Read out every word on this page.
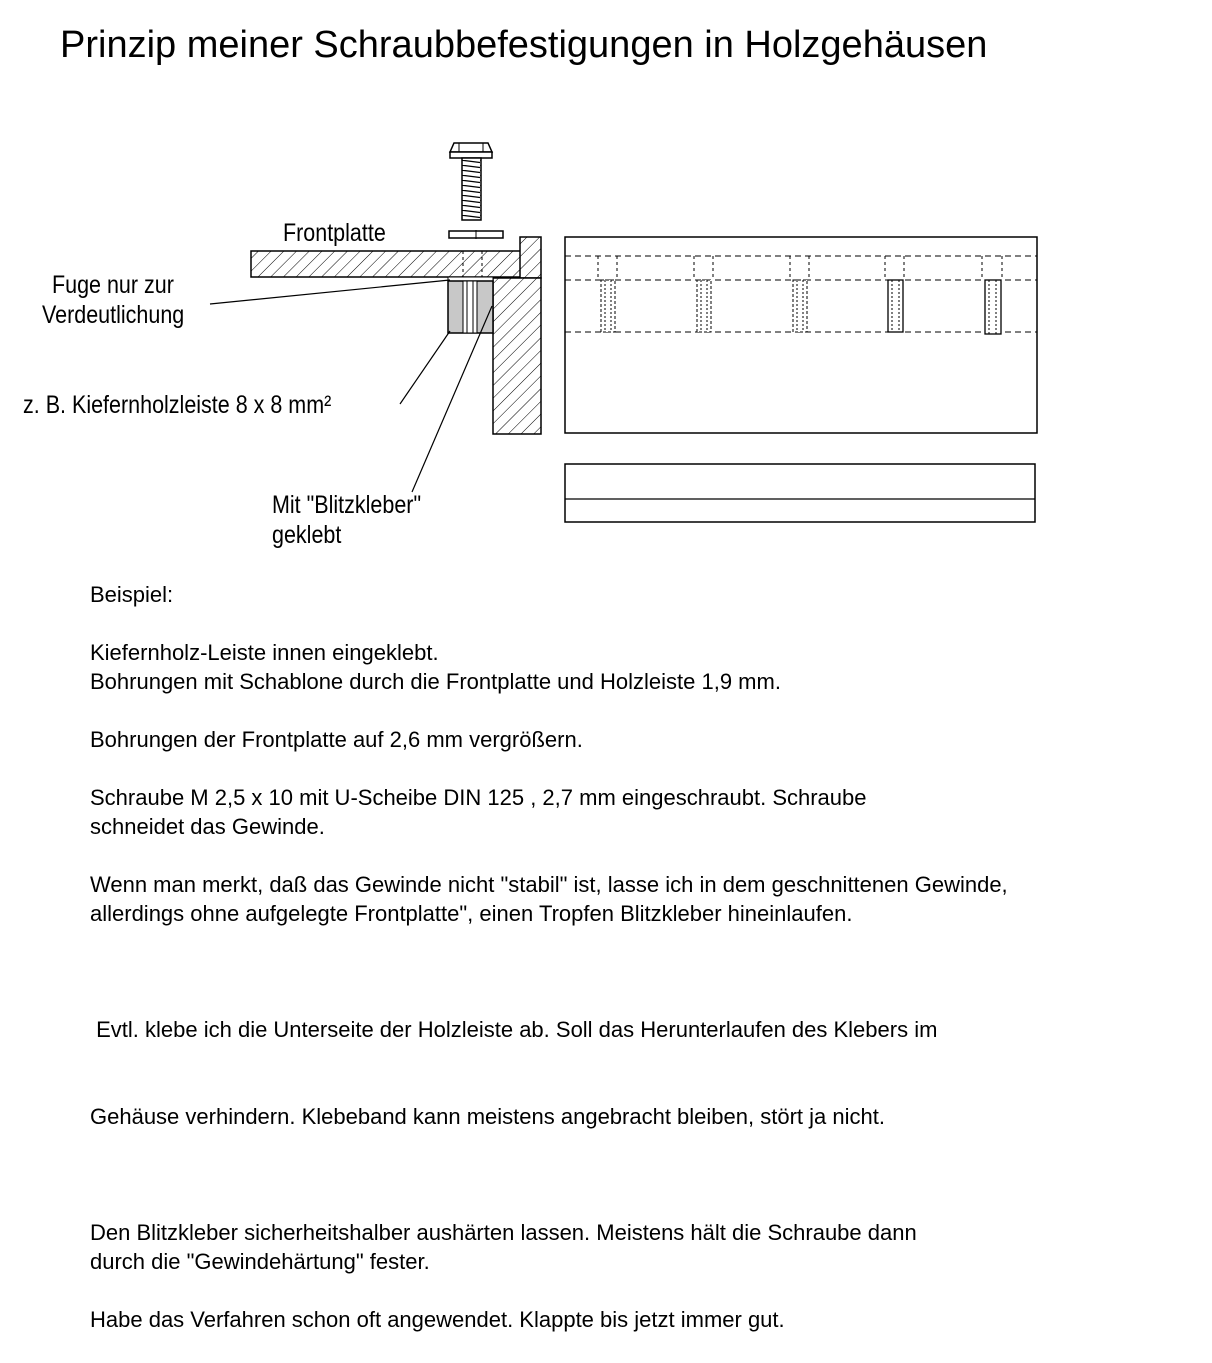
Prinzip meiner Schraubbefestigungen in Holzgehäusen
Frontplatte
Fuge nur zur
Verdeutlichung
z. B. Kiefernholzleiste 8 x 8 mm²
Mit "Blitzkleber"
geklebt

Beispiel:

Kiefernholz-Leiste innen eingeklebt.
Bohrungen mit Schablone durch die Frontplatte und Holzleiste 1,9 mm.

Bohrungen der Frontplatte auf 2,6 mm vergrößern.

Schraube M 2,5 x 10 mit U-Scheibe DIN 125 , 2,7 mm eingeschraubt. Schraube
schneidet das Gewinde.

Wenn man merkt, daß das Gewinde nicht "stabil" ist, lasse ich in dem geschnittenen Gewinde,
allerdings ohne aufgelegte Frontplatte", einen Tropfen Blitzkleber hineinlaufen.

Evtl. klebe ich die Unterseite der Holzleiste ab. Soll das Herunterlaufen des Klebers im

Gehäuse verhindern. Klebeband kann meistens angebracht bleiben, stört ja nicht.

Den Blitzkleber sicherheitshalber aushärten lassen. Meistens hält die Schraube dann
durch die "Gewindehärtung" fester.

Habe das Verfahren schon oft angewendet. Klappte bis jetzt immer gut.
